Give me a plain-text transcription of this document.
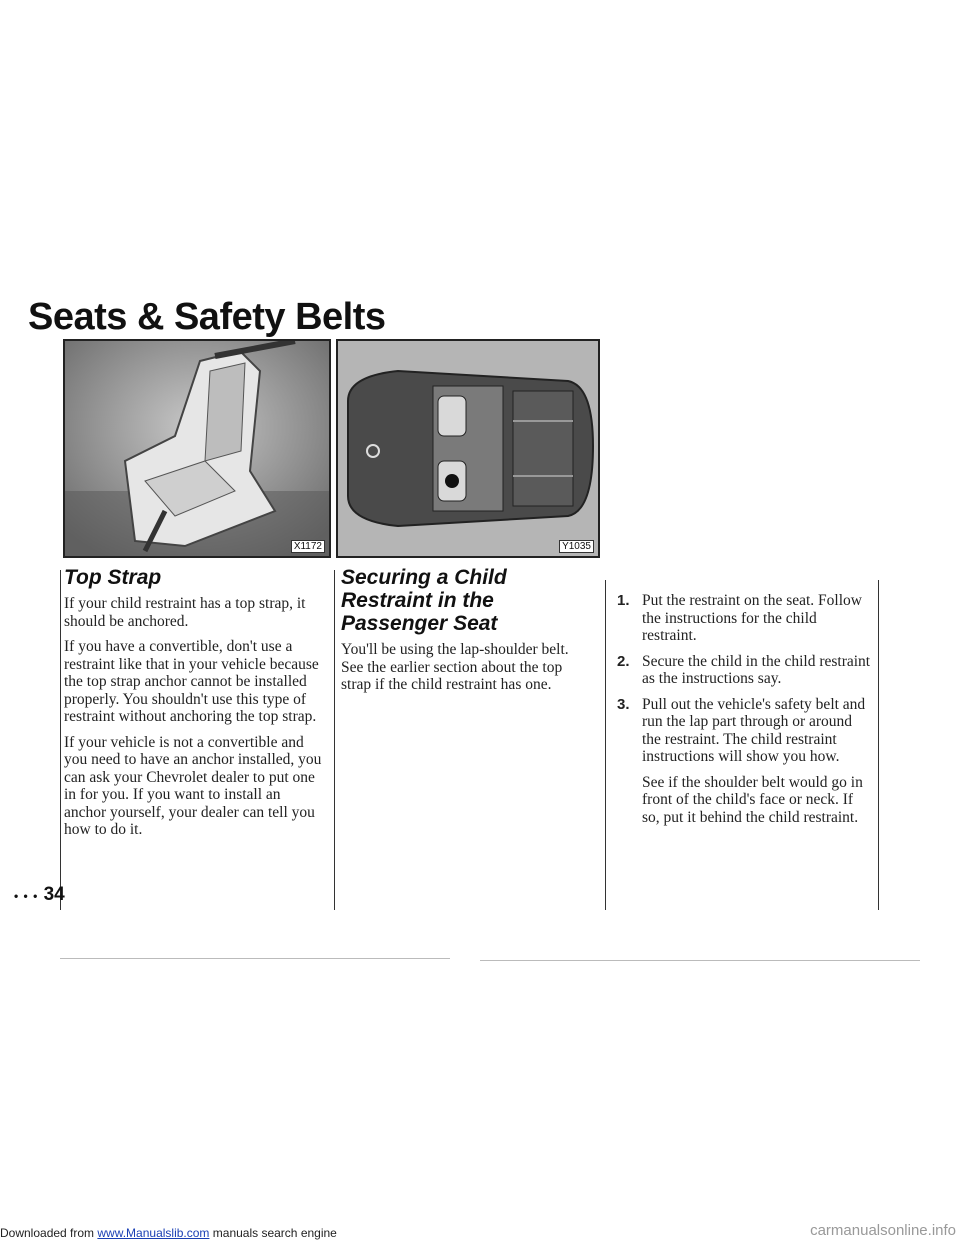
Seats & Safety Belts
X1172	Y1035
Top Strap

If your child restraint has a top strap, it should be anchored.

If you have a convertible, don't use a restraint like that in your vehicle because the top strap anchor cannot be installed properly. You shouldn't use this type of restraint without anchoring the top strap.

If your vehicle is not a convertible and you need to have an anchor installed, you can ask your Chevrolet dealer to put one in for you. If you want to install an anchor yourself, your dealer can tell you how to do it.

Securing a Child Restraint in the Passenger Seat

You'll be using the lap-shoulder belt. See the earlier section about the top strap if the child restraint has one.

1. Put the restraint on the seat. Follow the instructions for the child restraint.
2. Secure the child in the child restraint as the instructions say.
3. Pull out the vehicle's safety belt and run the lap part through or around the restraint. The child restraint instructions will show you how.

See if the shoulder belt would go in front of the child's face or neck. If so, put it behind the child restraint.

• • • 34
Downloaded from www.Manualslib.com manuals search engine	carmanualsonline.info
